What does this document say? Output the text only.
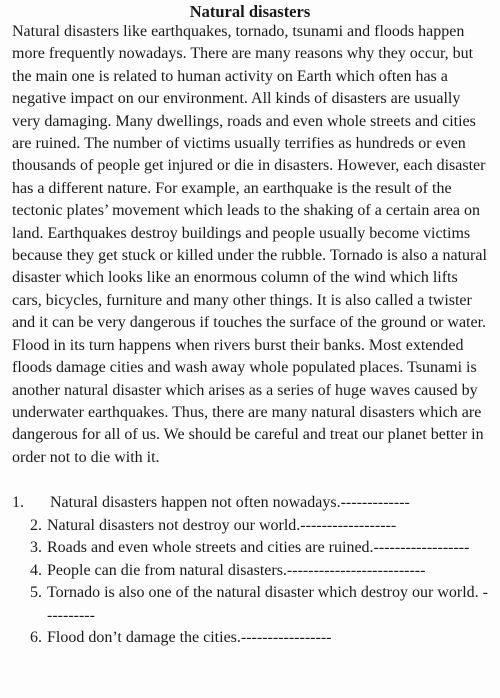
Natural disasters

Natural disasters like earthquakes, tornado, tsunami and floods happen more frequently nowadays. There are many reasons why they occur, but the main one is related to human activity on Earth which often has a negative impact on our environment. All kinds of disasters are usually very damaging. Many dwellings, roads and even whole streets and cities are ruined. The number of victims usually terrifies as hundreds or even thousands of people get injured or die in disasters. However, each disaster has a different nature. For example, an earthquake is the result of the tectonic plates’ movement which leads to the shaking of a certain area on land. Earthquakes destroy buildings and people usually become victims because they get stuck or killed under the rubble. Tornado is also a natural disaster which looks like an enormous column of the wind which lifts cars, bicycles, furniture and many other things. It is also called a twister and it can be very dangerous if touches the surface of the ground or water. Flood in its turn happens when rivers burst their banks. Most extended floods damage cities and wash away whole populated places. Tsunami is another natural disaster which arises as a series of huge waves caused by underwater earthquakes. Thus, there are many natural disasters which are dangerous for all of us. We should be careful and treat our planet better in order not to die with it.

1. Natural disasters happen not often nowadays.-------------
2. Natural disasters not destroy our world.------------------
3. Roads and even whole streets and cities are ruined.------------------
4. People can die from natural disasters.--------------------------
5. Tornado is also one of the natural disaster which destroy our world. ----------
6. Flood don’t damage the cities.-----------------
